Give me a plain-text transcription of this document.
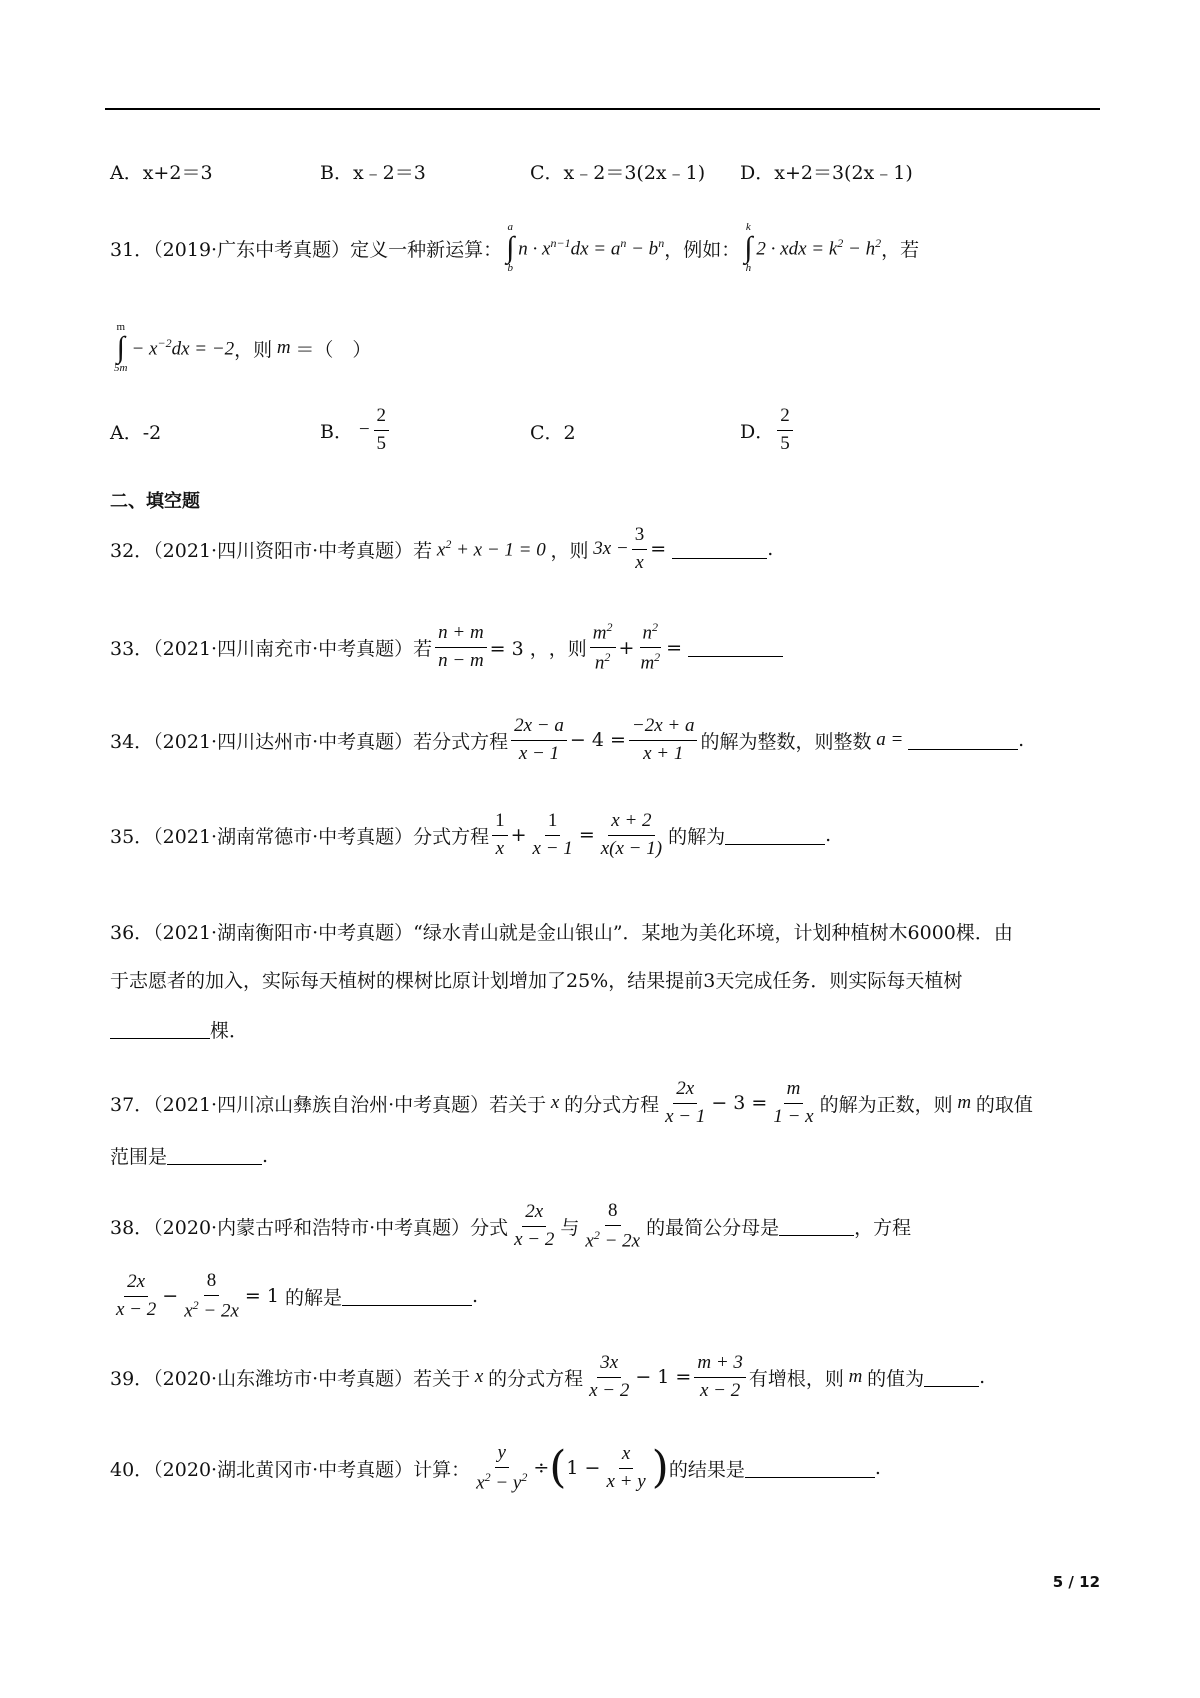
A．x+2＝3	B．x﹣2＝3	C．x﹣2＝3(2x﹣1) D．x+2＝3(2x﹣1)
31．（2019·广东中考真题）定义一种新运算：
a
∫
b
$n \cdot x^{n-1}dx = a^n - b^n$ ，例如：
k
∫
h
2 · xdx = $k^2 - h^2$ ，若
m
∫
5m
− $x^{-2}dx = -2$ ，则 m ＝（　）
A．-2	B． − $\frac{2}{5}$	C．2	D． $\frac{2}{5}$
二、填空题
32．（2021·四川资阳市·中考真题）若 $x^2 + x - 1 = 0$ ，则 $3x - \frac{3}{x}$ =	.
33．（2021·四川南充市·中考真题）若 $\frac{n + m}{n - m} = 3$ ， ，则 $\frac{m^2}{n^2} + \frac{n^2}{m^2}$ =
34．（2021·四川达州市·中考真题）若分式方程 $\frac{2x - a}{x - 1} - 4 = \frac{-2x + a}{x + 1}$ 的解为整数，则整数 a =	.
35．（2021·湖南常德市·中考真题）分式方程 $\frac{1}{x} + \frac{1}{x - 1} = \frac{x + 2}{x(x - 1)}$ 的解为	.
36．（2021·湖南衡阳市·中考真题）“绿水青山就是金山银山”．某地为美化环境，计划种植树木6000棵．由
于志愿者的加入，实际每天植树的棵树比原计划增加了25%，结果提前3天完成任务．则实际每天植树
棵．
37．（2021·四川凉山彝族自治州·中考真题）若关于 x 的分式方程 $\frac{2x}{x - 1} - 3 = \frac{m}{1 - x}$ 的解为正数，则 m 的取值
范围是	.
38．（2020·内蒙古呼和浩特市·中考真题）分式 $\frac{2x}{x - 2}$ 与 $\frac{8}{x^2 - 2x}$ 的最简公分母是	，方程
$\frac{2x}{x - 2} - \frac{8}{x^2 - 2x} = 1$ 的解是	.
39．（2020·山东潍坊市·中考真题）若关于 x 的分式方程 $\frac{3x}{x - 2} - 1 = \frac{m + 3}{x - 2}$ 有增根，则 m 的值为	.
40．（2020·湖北黄冈市·中考真题）计算： $\frac{y}{x^2 - y^2}$ ÷ ( $1 - \frac{x}{x + y}$ ) 的结果是	.
5 / 12
